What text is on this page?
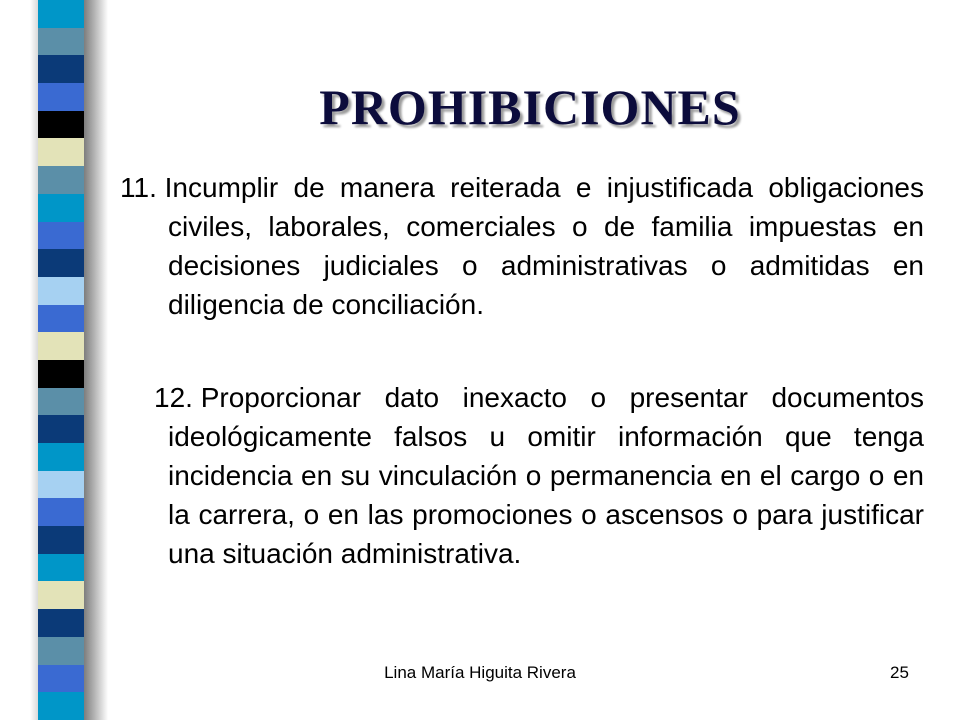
PROHIBICIONES

11. Incumplir de manera reiterada e injustificada obligaciones civiles, laborales, comerciales o de familia impuestas en decisiones judiciales o administrativas o admitidas en diligencia de conciliación.

12. Proporcionar dato inexacto o presentar documentos ideológicamente falsos u omitir información que tenga incidencia en su vinculación o permanencia en el cargo o en la carrera, o en las promociones o ascensos o para justificar una situación administrativa.

Lina María Higuita Rivera	25
